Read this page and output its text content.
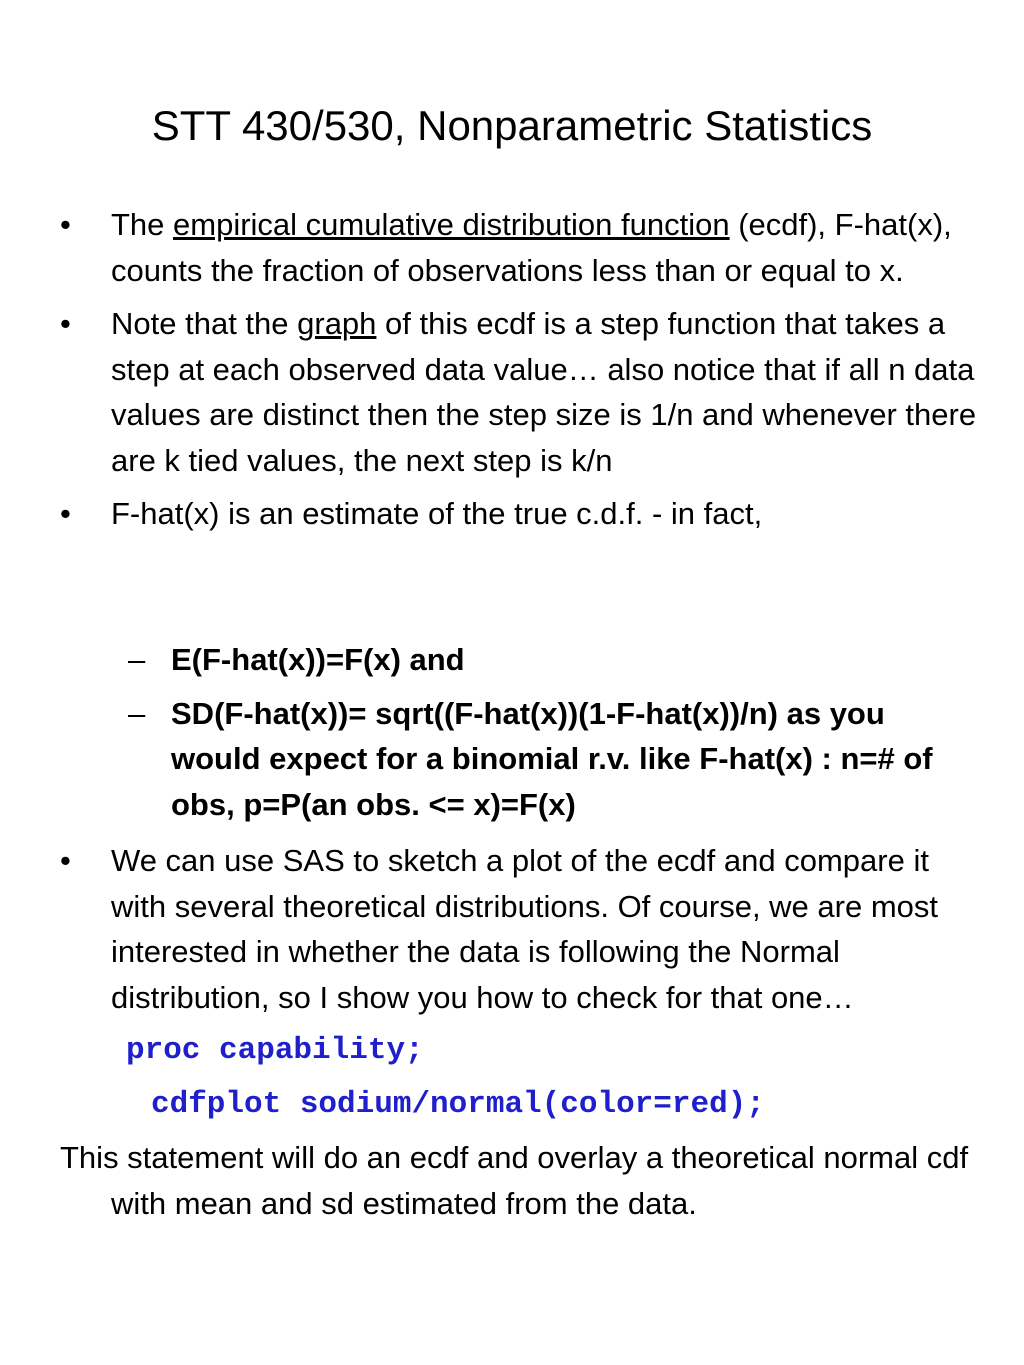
STT 430/530, Nonparametric Statistics
• The empirical cumulative distribution function (ecdf), F-hat(x), counts the fraction of observations less than or equal to x.
• Note that the graph of this ecdf is a step function that takes a step at each observed data value… also notice that if all n data values are distinct then the step size is 1/n and whenever there are k tied values, the next step is k/n
• F-hat(x) is an estimate of the true c.d.f. - in fact,
– E(F-hat(x))=F(x) and
– SD(F-hat(x))= sqrt((F-hat(x))(1-F-hat(x))/n) as you would expect for a binomial r.v. like F-hat(x) : n=# of obs, p=P(an obs. <= x)=F(x)
• We can use SAS to sketch a plot of the ecdf and compare it with several theoretical distributions. Of course, we are most interested in whether the data is following the Normal distribution, so I show you how to check for that one…
proc capability;
cdfplot sodium/normal(color=red);
This statement will do an ecdf and overlay a theoretical normal cdf with mean and sd estimated from the data.
